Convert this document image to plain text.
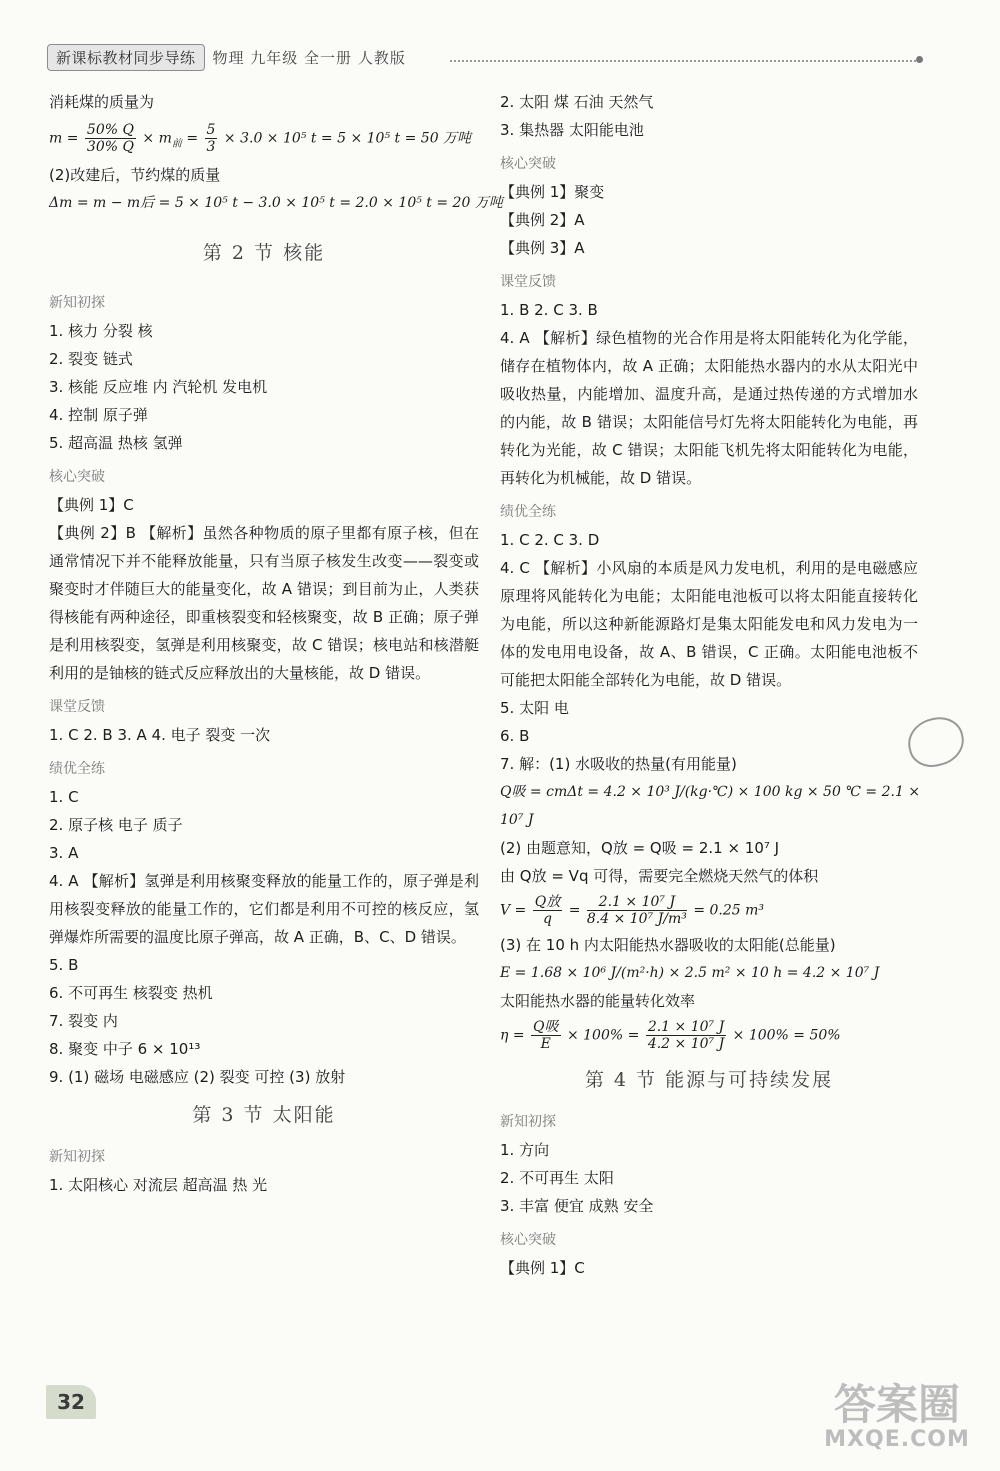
新课标教材同步导练	物理 九年级 全一册 人教版
消耗煤的质量为
$m = \frac{50\% Q}{30\% Q} \times m_前 = \frac{5}{3} \times 3.0 \times 10^5$ t = 5 × 10⁵ t = 50 万吨
(2)改建后，节约煤的质量
Δm = m − m后 = 5 × 10⁵ t − 3.0 × 10⁵ t = 2.0 × 10⁵ t = 20 万吨
第 2 节 核能
新知初探
1. 核力 分裂 核
2. 裂变 链式
3. 核能 反应堆 内 汽轮机 发电机
4. 控制 原子弹
5. 超高温 热核 氢弹
核心突破
【典例 1】C
【典例 2】B 【解析】虽然各种物质的原子里都有原子核，但在通常情况下并不能释放能量，只有当原子核发生改变——裂变或聚变时才伴随巨大的能量变化，故 A 错误；到目前为止，人类获得核能有两种途径，即重核裂变和轻核聚变，故 B 正确；原子弹是利用核裂变，氢弹是利用核聚变，故 C 错误；核电站和核潜艇利用的是铀核的链式反应释放出的大量核能，故 D 错误。
课堂反馈
1. C 2. B 3. A 4. 电子 裂变 一次
绩优全练
1. C
2. 原子核 电子 质子
3. A
4. A 【解析】氢弹是利用核聚变释放的能量工作的，原子弹是利用核裂变释放的能量工作的，它们都是利用不可控的核反应，氢弹爆炸所需要的温度比原子弹高，故 A 正确，B、C、D 错误。
5. B
6. 不可再生 核裂变 热机
7. 裂变 内
8. 聚变 中子 6 × 10¹³
9. (1) 磁场 电磁感应 (2) 裂变 可控 (3) 放射
第 3 节 太阳能
新知初探
1. 太阳核心 对流层 超高温 热 光
2. 太阳 煤 石油 天然气
3. 集热器 太阳能电池
核心突破
【典例 1】聚变
【典例 2】A
【典例 3】A
课堂反馈
1. B 2. C 3. B
4. A 【解析】绿色植物的光合作用是将太阳能转化为化学能，储存在植物体内，故 A 正确；太阳能热水器内的水从太阳光中吸收热量，内能增加、温度升高，是通过热传递的方式增加水的内能，故 B 错误；太阳能信号灯先将太阳能转化为电能，再转化为光能，故 C 错误；太阳能飞机先将太阳能转化为电能，再转化为机械能，故 D 错误。
绩优全练
1. C 2. C 3. D
4. C 【解析】小风扇的本质是风力发电机，利用的是电磁感应原理将风能转化为电能；太阳能电池板可以将太阳能直接转化为电能，所以这种新能源路灯是集太阳能发电和风力发电为一体的发电用电设备，故 A、B 错误，C 正确。太阳能电池板不可能把太阳能全部转化为电能，故 D 错误。
5. 太阳 电
6. B
7. 解：(1) 水吸收的热量(有用能量)
Q吸 = cmΔt = 4.2 × 10³ J/(kg·℃) × 100 kg × 50 ℃ = 2.1 ×
10⁷ J
(2) 由题意知，Q放 = Q吸 = 2.1 × 10⁷ J
由 Q放 = Vq 可得，需要完全燃烧天然气的体积
$V = \frac{\text{Q放}}{q} = \frac{\text{2.1 × 10⁷ J}}{\text{8.4 × 10⁷ J/m³}} = 0.25$ m³
(3) 在 10 h 内太阳能热水器吸收的太阳能(总能量)
E = 1.68 × 10⁶ J/(m²·h) × 2.5 m² × 10 h = 4.2 × 10⁷ J
太阳能热水器的能量转化效率
$\eta = \frac{\text{Q吸}}{E} \times 100\% = \frac{\text{2.1 × 10⁷ J}}{\text{4.2 × 10⁷ J}} \times 100\% = 50\%$
第 4 节 能源与可持续发展
新知初探
1. 方向
2. 不可再生 太阳
3. 丰富 便宜 成熟 安全
核心突破
【典例 1】C
32	答案圈
MXQE.COM
